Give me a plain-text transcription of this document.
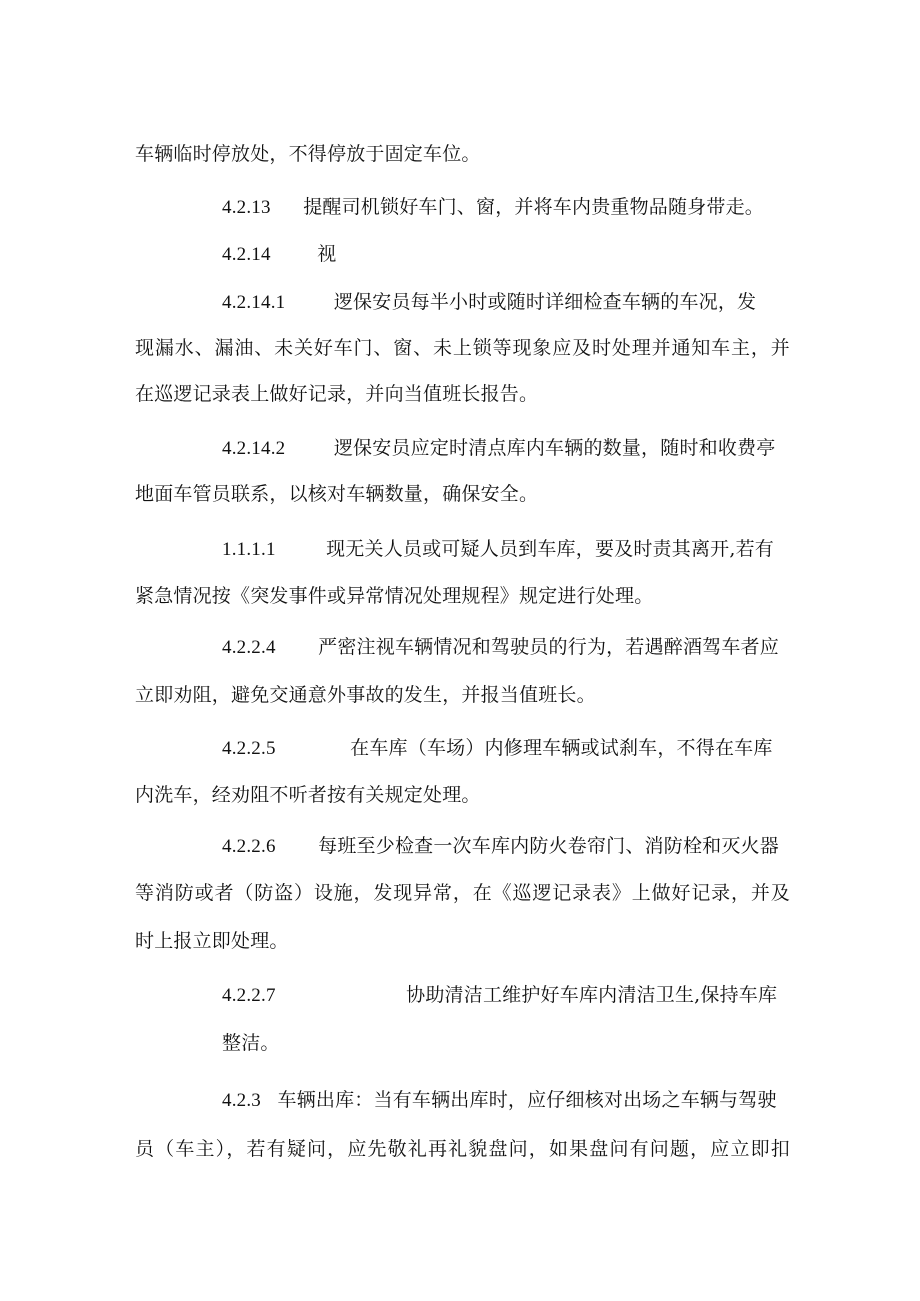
车辆临时停放处，不得停放于固定车位。
4.2.13 提醒司机锁好车门、窗，并将车内贵重物品随身带走。
4.2.14 视
4.2.14.1	逻保安员每半小时或随时详细检查车辆的车况，发
现漏水、漏油、未关好车门、窗、未上锁等现象应及时处理并通知车主，并
在巡逻记录表上做好记录，并向当值班长报告。
4.2.14.2	逻保安员应定时清点库内车辆的数量，随时和收费亭
地面车管员联系，以核对车辆数量，确保安全。
1.1.1.1	现无关人员或可疑人员到车库，要及时责其离开,若有
紧急情况按《突发事件或异常情况处理规程》规定进行处理。
4.2.2.4 严密注视车辆情况和驾驶员的行为，若遇醉酒驾车者应
立即劝阻，避免交通意外事故的发生，并报当值班长。
4.2.2.5	在车库（车场）内修理车辆或试刹车，不得在车库
内洗车，经劝阻不听者按有关规定处理。
4.2.2.6 每班至少检查一次车库内防火卷帘门、消防栓和灭火器
等消防或者（防盗）设施，发现异常，在《巡逻记录表》上做好记录，并及
时上报立即处理。
4.2.2.7	协助清洁工维护好车库内清洁卫生,保持车库
整洁。
4.2.3 车辆出库：当有车辆出库时，应仔细核对出场之车辆与驾驶
员（车主），若有疑问，应先敬礼再礼貌盘问，如果盘问有问题，应立即扣
